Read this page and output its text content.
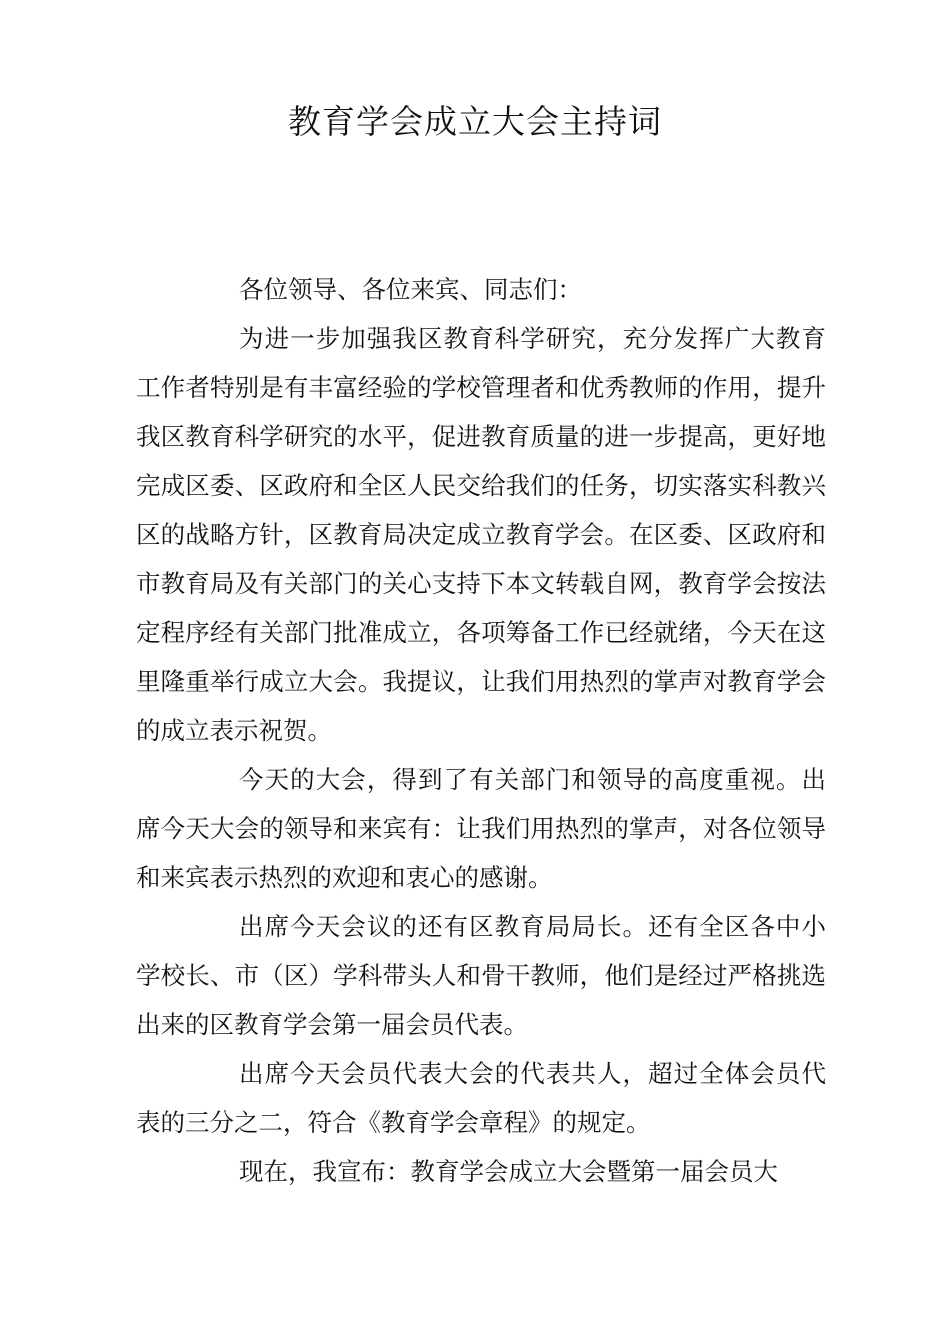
教育学会成立大会主持词

各位领导、各位来宾、同志们：

为进一步加强我区教育科学研究，充分发挥广大教育工作者特别是有丰富经验的学校管理者和优秀教师的作用，提升我区教育科学研究的水平，促进教育质量的进一步提高，更好地完成区委、区政府和全区人民交给我们的任务，切实落实科教兴区的战略方针，区教育局决定成立教育学会。在区委、区政府和市教育局及有关部门的关心支持下本文转载自网，教育学会按法定程序经有关部门批准成立，各项筹备工作已经就绪，今天在这里隆重举行成立大会。我提议，让我们用热烈的掌声对教育学会的成立表示祝贺。

今天的大会，得到了有关部门和领导的高度重视。出席今天大会的领导和来宾有：让我们用热烈的掌声，对各位领导和来宾表示热烈的欢迎和衷心的感谢。

出席今天会议的还有区教育局局长。还有全区各中小学校长、市（区）学科带头人和骨干教师，他们是经过严格挑选出来的区教育学会第一届会员代表。

出席今天会员代表大会的代表共人，超过全体会员代表的三分之二，符合《教育学会章程》的规定。

现在，我宣布：教育学会成立大会暨第一届会员大
